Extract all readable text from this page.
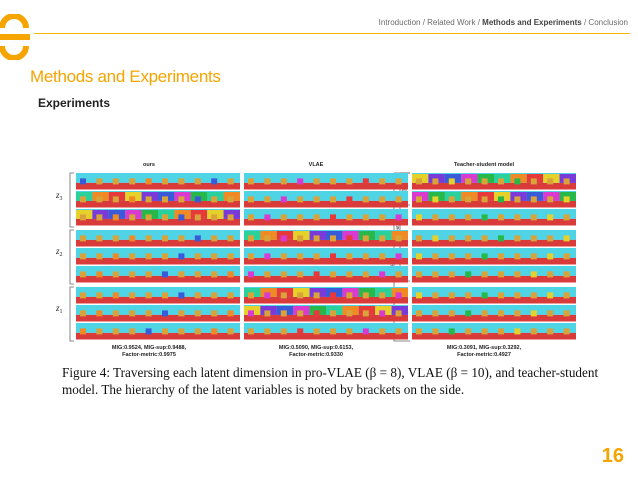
Introduction / Related Work / Methods and Experiments / Conclusion
Methods and Experiments
Experiments
ours	VLAE	Teacher-student model
$z_3$
$z_2$
$z_1$
MIG:0.9524, MIG-sup:0.9488,
Factor-metric:0.9975
MIG:0.5090, MIG-sup:0.6153,
Factor-metric:0.9330
MIG:0.3091, MIG-sup:0.3292,
Factor-metric:0.4927
Figure 4: Traversing each latent dimension in pro-VLAE (β = 8), VLAE (β = 10), and teacher-student model. The hierarchy of the latent variables is noted by brackets on the side.
16
